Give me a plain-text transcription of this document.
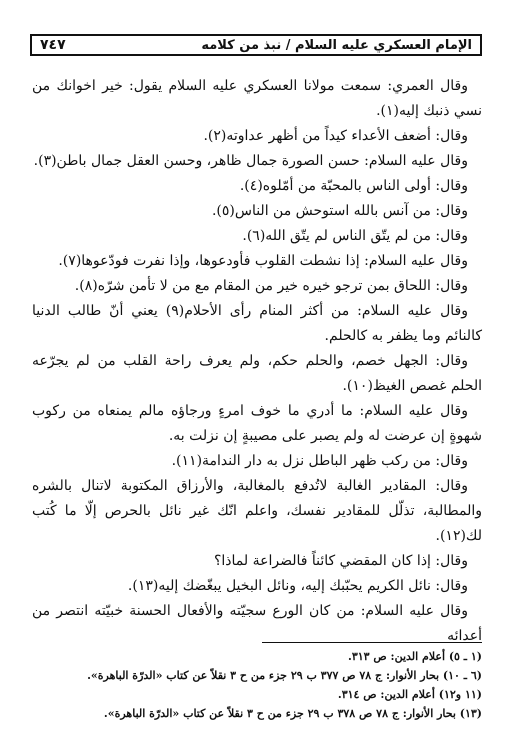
الإمام العسكري عليه السلام / نبذ من كلامه
٧٤٧

وقال العمري: سمعت مولانا العسكري عليه السلام يقول: خير اخوانك من نسي ذنبك إليه(١).

وقال: أضعف الأعداء كيداً من أظهر عداوته(٢).

وقال عليه السلام: حسن الصورة جمال ظاهر، وحسن العقل جمال باطن(٣).

وقال: أولى الناس بالمحبّة من أمّلوه(٤).

وقال: من آنس بالله استوحش من الناس(٥).

وقال: من لم يتّق الناس لم يتّق الله(٦).

وقال عليه السلام: إذا نشطت القلوب فأودعوها، وإذا نفرت فودّعوها(٧).

وقال: اللحاق بمن ترجو خيره خير من المقام مع من لا تأمن شرّه(٨).

وقال عليه السلام: من أكثر المنام رأى الأحلام(٩) يعني أنّ طالب الدنيا كالنائم وما يظفر به كالحلم.

وقال: الجهل خصم، والحلم حكم، ولم يعرف راحة القلب من لم يجرّعه الحلم غصص الغيظ(١٠).

وقال عليه السلام: ما أدري ما خوف امرءٍ ورجاؤه مالم يمنعاه من ركوب شهوةٍ إن عرضت له ولم يصبر على مصيبةٍ إن نزلت به.

وقال: من ركب ظهر الباطل نزل به دار الندامة(١١).

وقال: المقادير الغالبة لاتُدفع بالمغالبة، والأرزاق المكتوبة لاتنال بالشره والمطالبة، تذلّل للمقادير نفسك، واعلم انّك غير نائل بالحرص إلّا ما كُتب لك(١٢).

وقال: إذا كان المقضي كائناً فالضراعة لماذا؟

وقال: نائل الكريم يحبّبك إليه، ونائل البخيل يبغّضك إليه(١٣).

وقال عليه السلام: من كان الورع سجيّته والأفعال الحسنة خبيّته انتصر من أعدائه

(١ ـ ٥) أعلام الدين: ص ٣١٣.

(٦ ـ ١٠) بحار الأنوار: ج ٧٨ ص ٣٧٧ ب ٢٩ جزء من ح ٣ نقلاً عن كتاب «الدرّة الباهرة».

(١١ و١٢) أعلام الدين: ص ٣١٤.

(١٣) بحار الأنوار: ج ٧٨ ص ٣٧٨ ب ٢٩ جزء من ح ٣ نقلاً عن كتاب «الدرّة الباهرة».
